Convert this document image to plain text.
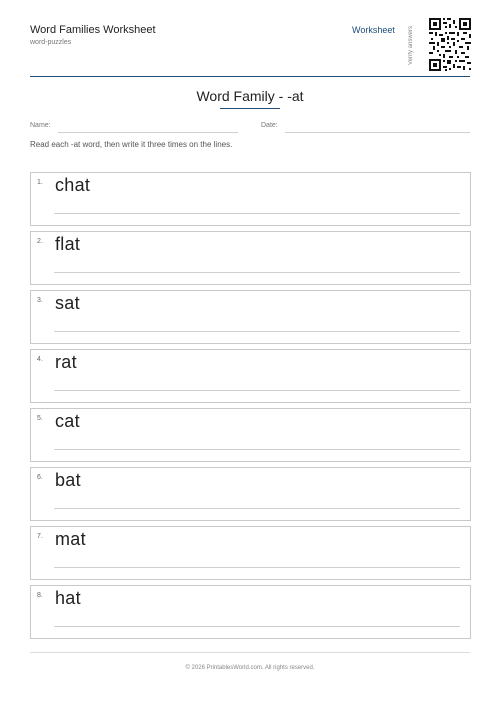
Word Families Worksheet
word-puzzles
Worksheet Verify answers
Word Family - -at
Name:	Date:
Read each -at word, then write it three times on the lines.
1. chat
2. flat
3. sat
4. rat
5. cat
6. bat
7. mat
8. hat
© 2026 PrintablesWorld.com. All rights reserved.
